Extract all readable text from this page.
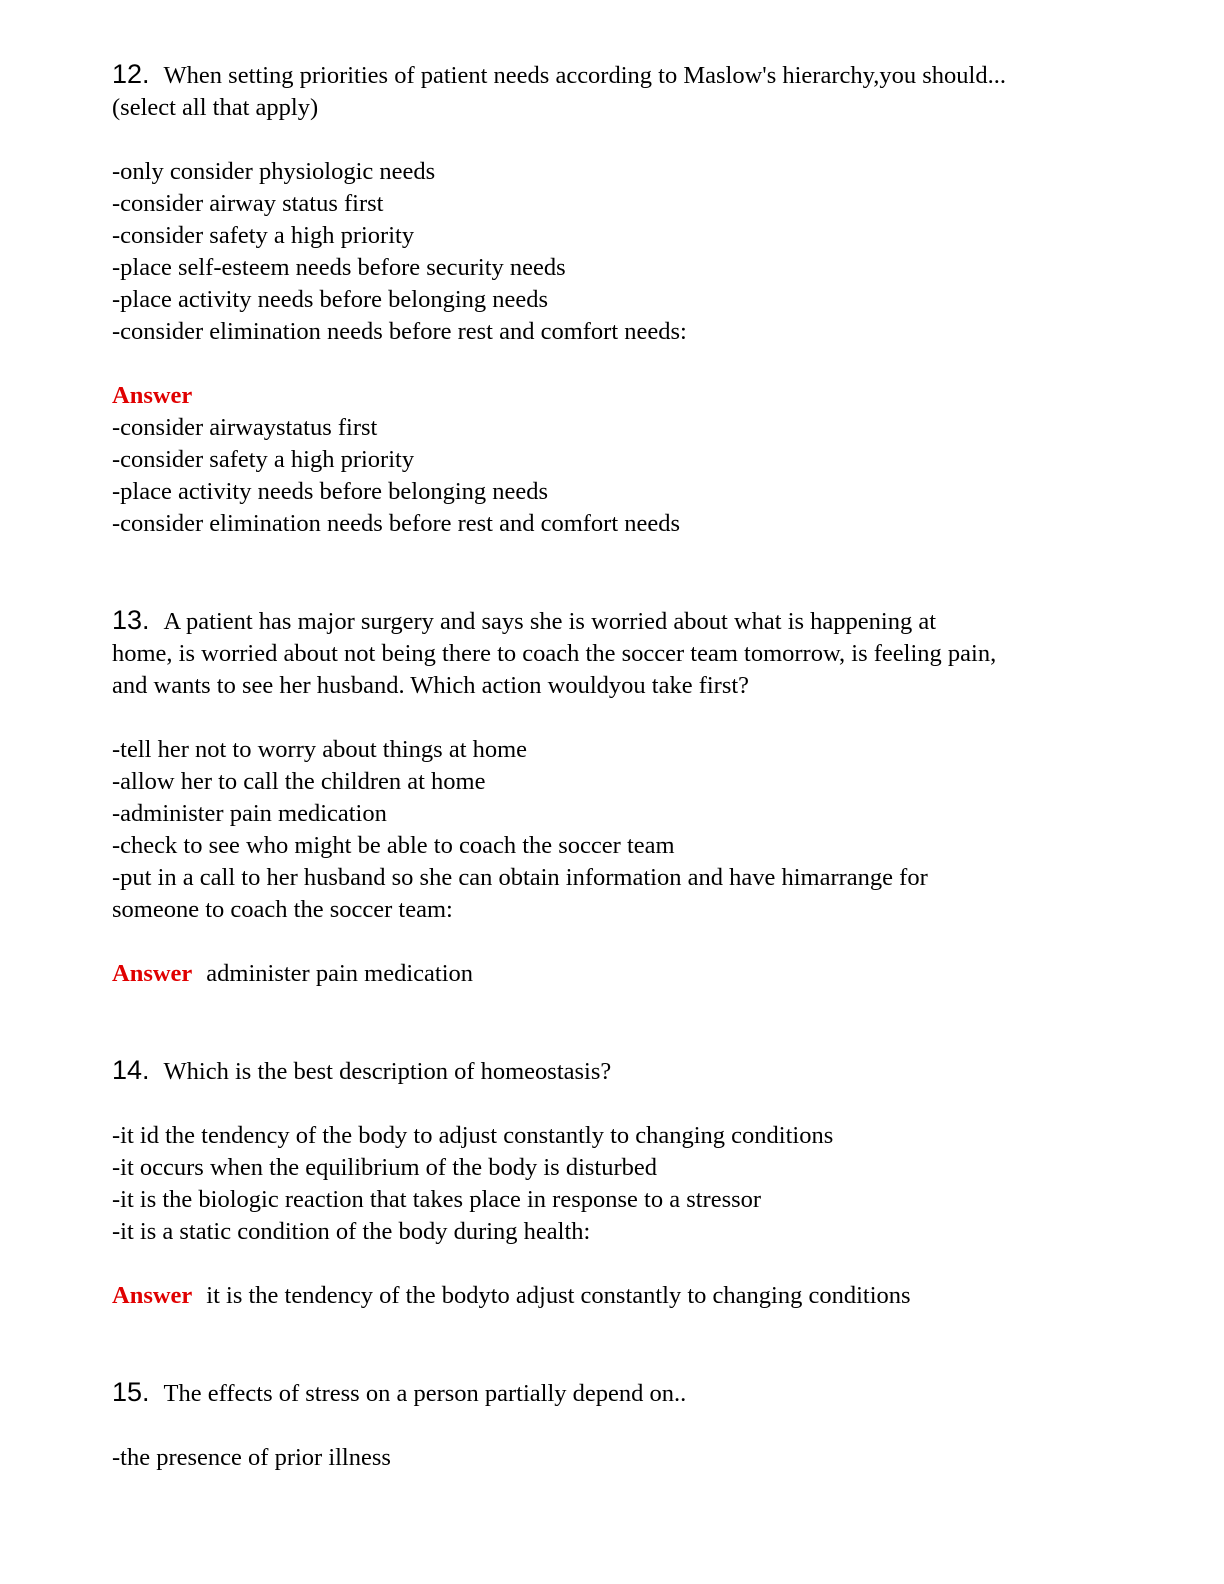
12. When setting priorities of patient needs according to Maslow's hierarchy,you should...
(select all that apply)
-only consider physiologic needs
-consider airway status first
-consider safety a high priority
-place self-esteem needs before security needs
-place activity needs before belonging needs
-consider elimination needs before rest and comfort needs:
Answer
-consider airwaystatus first
-consider safety a high priority
-place activity needs before belonging needs
-consider elimination needs before rest and comfort needs
13. A patient has major surgery and says she is worried about what is happening at
home, is worried about not being there to coach the soccer team tomorrow, is feeling pain,
and wants to see her husband. Which action wouldyou take first?
-tell her not to worry about things at home
-allow her to call the children at home
-administer pain medication
-check to see who might be able to coach the soccer team
-put in a call to her husband so she can obtain information and have himarrange for
someone to coach the soccer team:
Answer administer pain medication
14. Which is the best description of homeostasis?
-it id the tendency of the body to adjust constantly to changing conditions
-it occurs when the equilibrium of the body is disturbed
-it is the biologic reaction that takes place in response to a stressor
-it is a static condition of the body during health:
Answer it is the tendency of the bodyto adjust constantly to changing conditions
15. The effects of stress on a person partially depend on..
-the presence of prior illness
